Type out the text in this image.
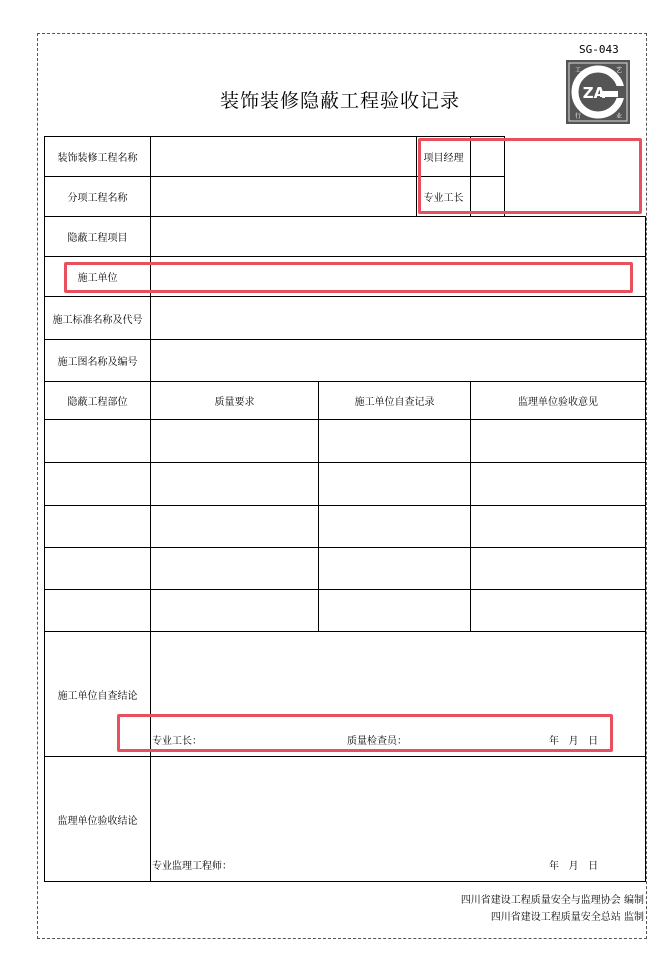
SG-043
ZA
工	艺
行	业
装饰装修隐蔽工程验收记录
装饰装修工程名称			项目经理	
分项工程名称			专业工长	
隐蔽工程项目				
施工单位				
施工标准名称及代号				
施工图名称及编号				
隐蔽工程部位	质量要求	施工单位自查记录		监理单位验收意见

施工单位自查结论	专业工长： 质量检查员： 年   月   日			

监理单位验收结论	专业监理工程师： 年   月   日			
四川省建设工程质量安全与监理协会 编制
四川省建设工程质量安全总站 监制
